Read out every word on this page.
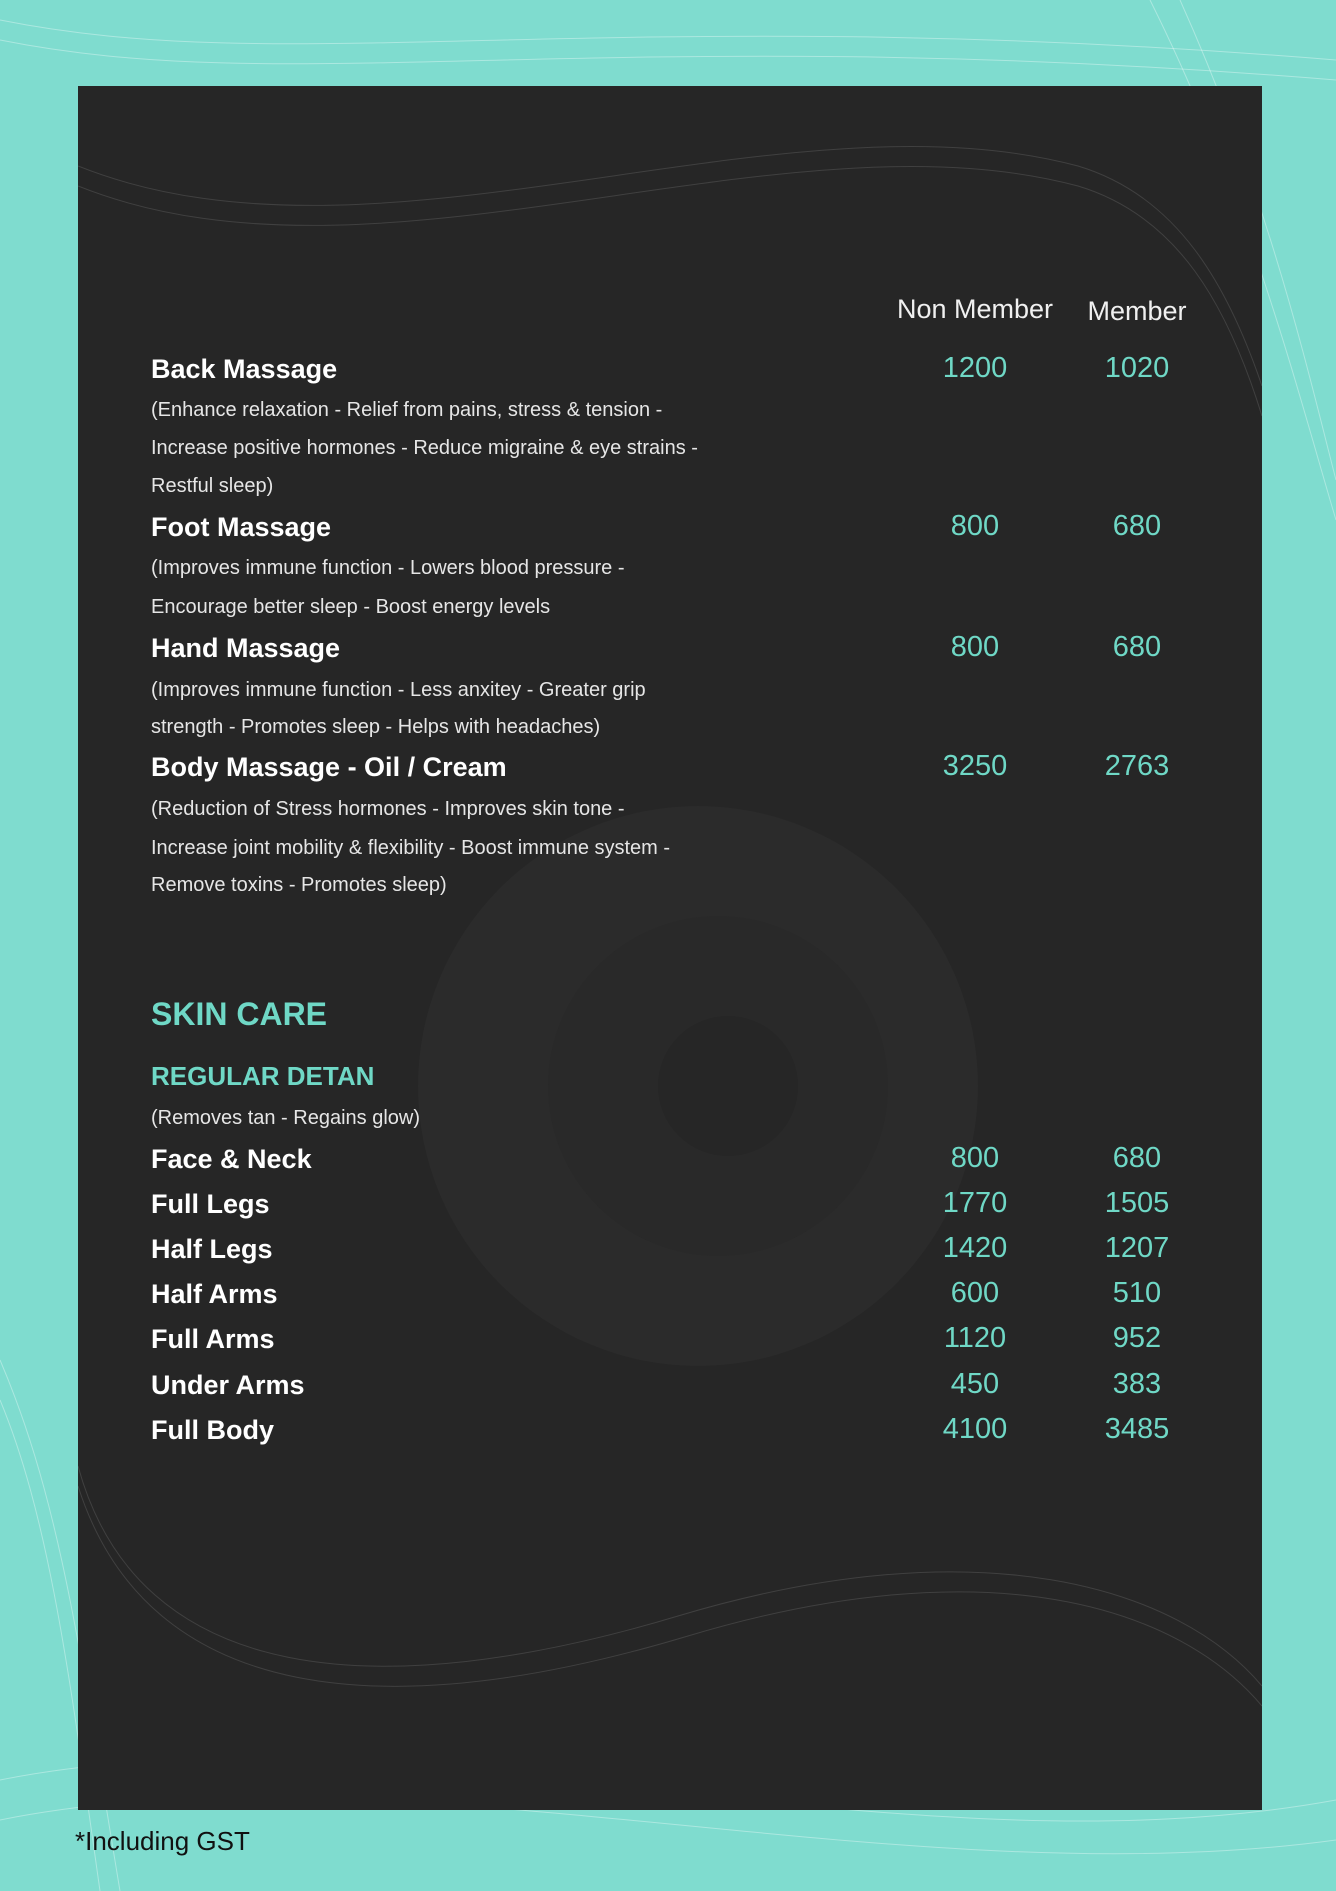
Non Member	Member
Back Massage	1200	1020
(Enhance relaxation - Relief from pains, stress & tension -
Increase positive hormones - Reduce migraine & eye strains -
Restful sleep)
Foot Massage	800	680
(Improves immune function - Lowers blood pressure -
Encourage better sleep - Boost energy levels
Hand Massage	800	680
(Improves immune function - Less anxitey - Greater grip
strength - Promotes sleep - Helps with headaches)
Body Massage - Oil / Cream	3250	2763
(Reduction of Stress hormones - Improves skin tone -
Increase joint mobility & flexibility - Boost immune system -
Remove toxins - Promotes sleep)
SKIN CARE
REGULAR DETAN
(Removes tan - Regains glow)
Face & Neck	800	680
Full Legs	1770	1505
Half Legs	1420	1207
Half Arms	600	510
Full Arms	1120	952
Under Arms	450	383
Full Body	4100	3485
*Including GST
